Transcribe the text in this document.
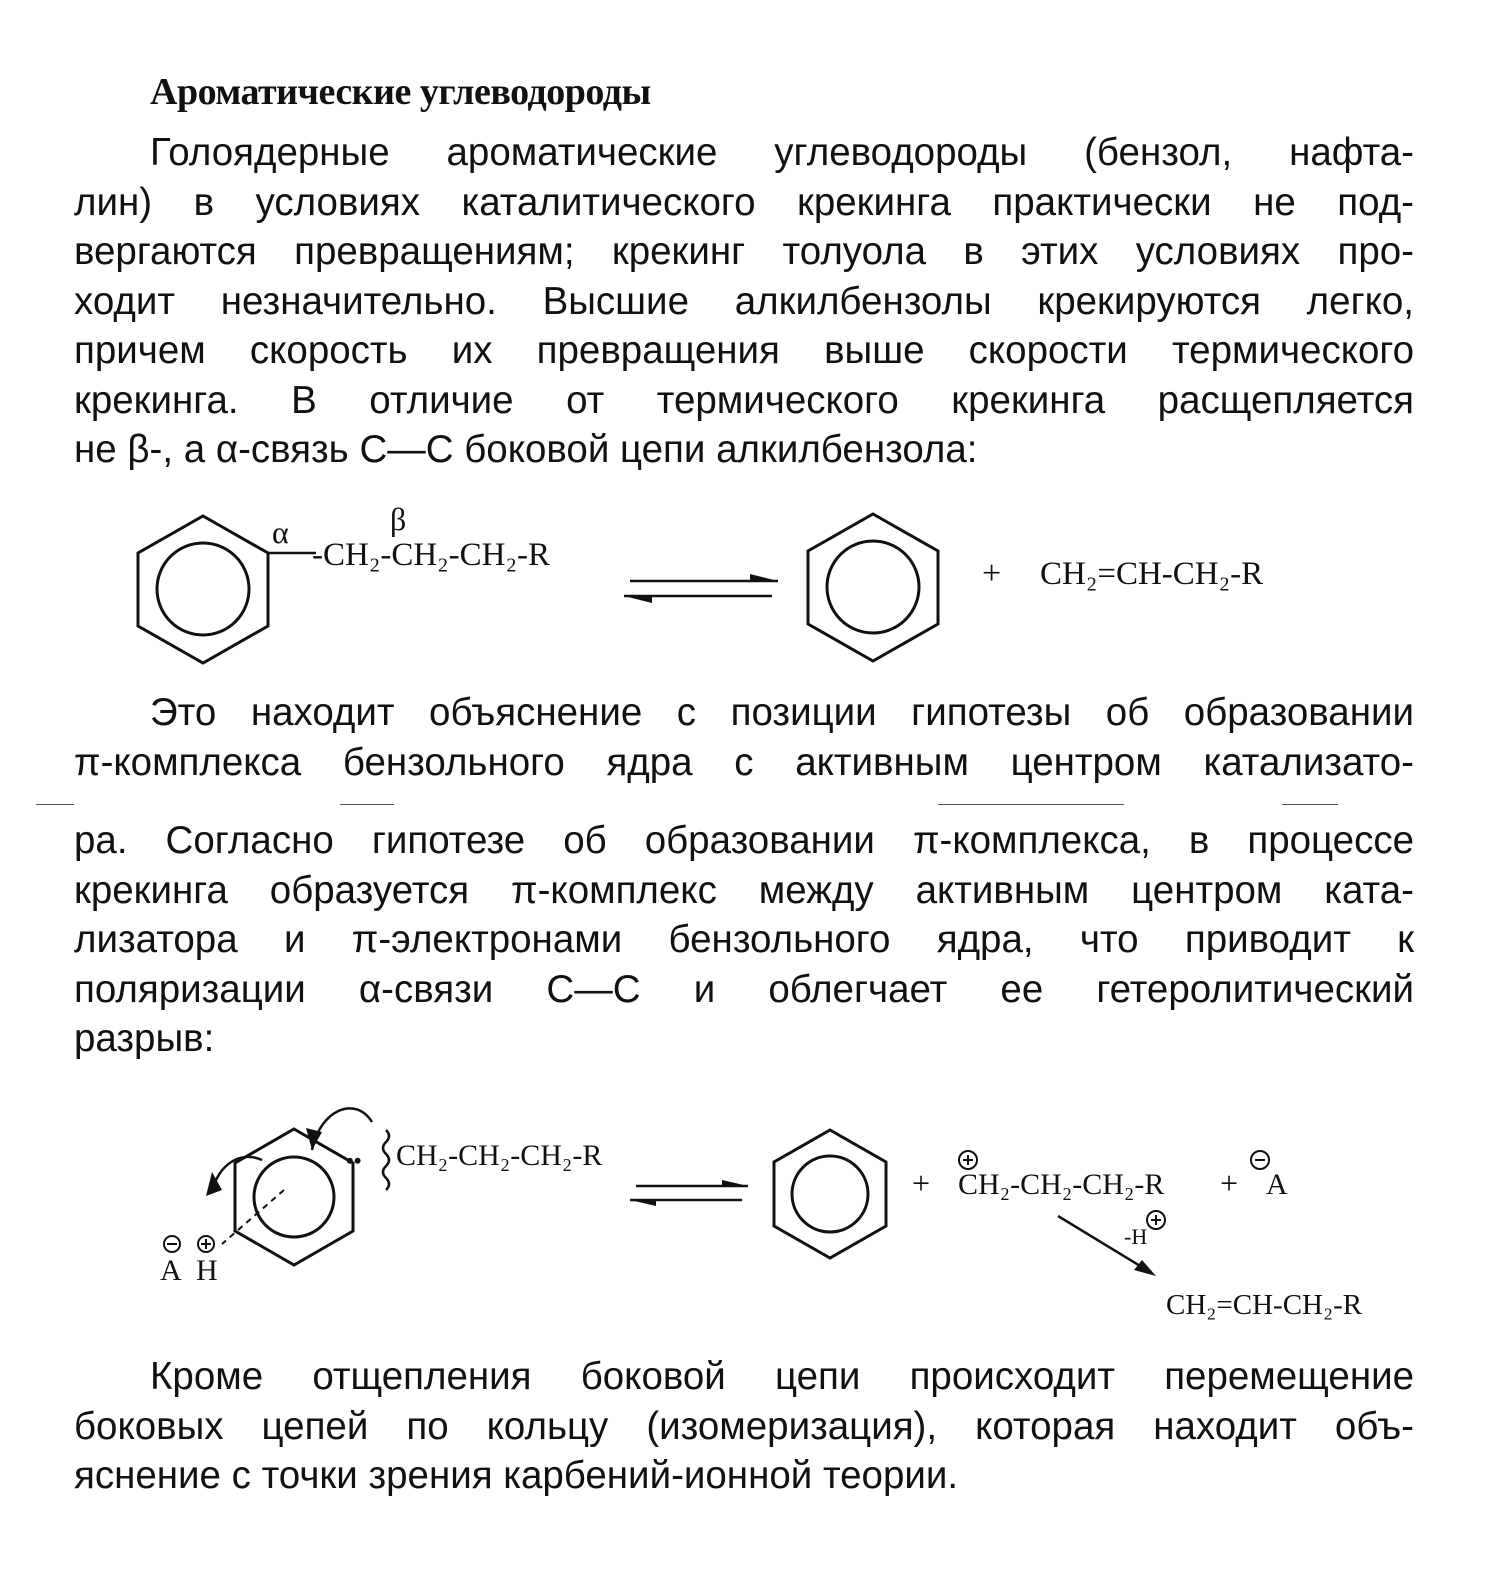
Ароматические углеводороды
Голоядерные ароматические углеводороды (бензол, нафта-
лин) в условиях каталитического крекинга практически не под-
вергаются превращениям; крекинг толуола в этих условиях про-
ходит незначительно. Высшие алкилбензолы крекируются легко,
причем скорость их превращения выше скорости термического
крекинга. В отличие от термического крекинга расщепляется
не β-, а α-связь С—С боковой цепи алкилбензола:
α	β
-CH₂-CH₂-CH₂-R	+ CH₂=CH-CH₂-R
A H
•• CH₂-CH₂-CH₂-R
+ CH₂-CH₂-CH₂-R + A
-H
CH₂=CH-CH₂-R
Это находит объяснение с позиции гипотезы об образовании
π-комплекса бензольного ядра с активным центром катализато-
ра. Согласно гипотезе об образовании π-комплекса, в процессе
крекинга образуется π-комплекс между активным центром ката-
лизатора и π-электронами бензольного ядра, что приводит к
поляризации α-связи С—С и облегчает ее гетеролитический
разрыв:
Кроме отщепления боковой цепи происходит перемещение
боковых цепей по кольцу (изомеризация), которая находит объ-
яснение с точки зрения карбений-ионной теории.
